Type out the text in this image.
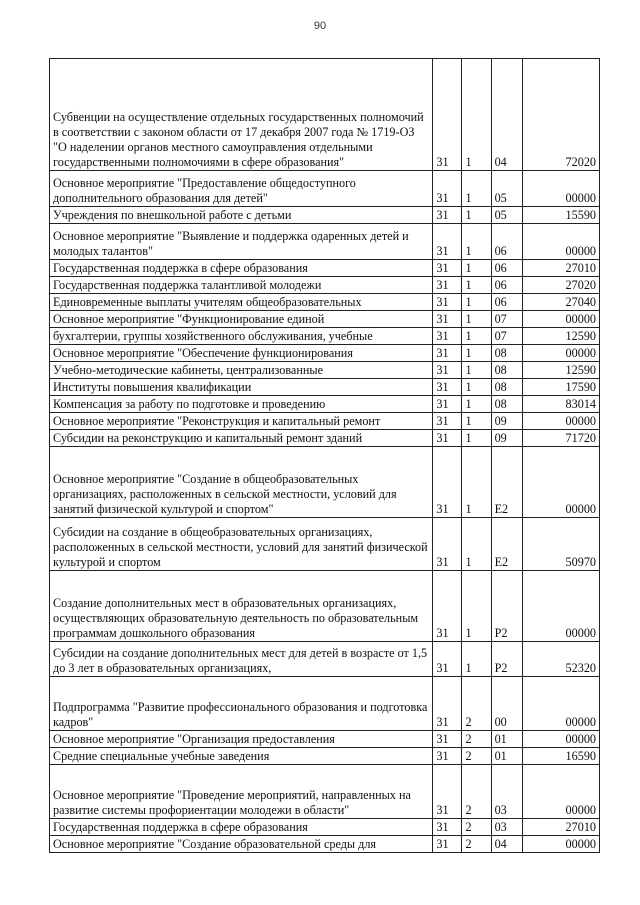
90
Субвенции на осуществление отдельных государственных полномочий в соответствии с законом области от 17 декабря 2007 года № 1719-ОЗ "О наделении органов местного самоуправления отдельными государственными полномочиями в сфере образования"	31	1	04	72020
Основное мероприятие "Предоставление общедоступного дополнительного образования для детей"	31	1	05	00000
Учреждения по внешкольной работе с детьми	31	1	05	15590
Основное мероприятие "Выявление и поддержка одаренных детей и молодых талантов"	31	1	06	00000
Государственная поддержка в сфере образования	31	1	06	27010
Государственная поддержка талантливой молодежи	31	1	06	27020
Единовременные выплаты учителям общеобразовательных	31	1	06	27040
Основное мероприятие "Функционирование единой	31	1	07	00000
бухгалтерии, группы хозяйственного обслуживания, учебные	31	1	07	12590
Основное мероприятие "Обеспечение функционирования	31	1	08	00000
Учебно-методические кабинеты, централизованные	31	1	08	12590
Институты повышения квалификации	31	1	08	17590
Компенсация за работу по подготовке и проведению	31	1	08	83014
Основное мероприятие "Реконструкция и капитальный ремонт	31	1	09	00000
Субсидии на реконструкцию и капитальный ремонт зданий	31	1	09	71720
Основное мероприятие "Создание в общеобразовательных организациях, расположенных в сельской местности, условий для занятий физической культурой и спортом"	31	1	E2	00000
Субсидии на создание в общеобразовательных организациях, расположенных в сельской местности, условий для занятий физической культурой и спортом	31	1	E2	50970
Создание дополнительных мест в образовательных организациях, осуществляющих образовательную деятельность по образовательным программам дошкольного образования	31	1	P2	00000
Субсидии на создание дополнительных мест для детей в возрасте от 1,5 до 3 лет в образовательных организациях,	31	1	P2	52320
Подпрограмма "Развитие профессионального образования и подготовка кадров"	31	2	00	00000
Основное мероприятие "Организация предоставления	31	2	01	00000
Средние специальные учебные заведения	31	2	01	16590
Основное мероприятие "Проведение мероприятий, направленных на развитие системы профориентации молодежи в области"	31	2	03	00000
Государственная поддержка в сфере образования	31	2	03	27010
Основное мероприятие "Создание образовательной среды для	31	2	04	00000
